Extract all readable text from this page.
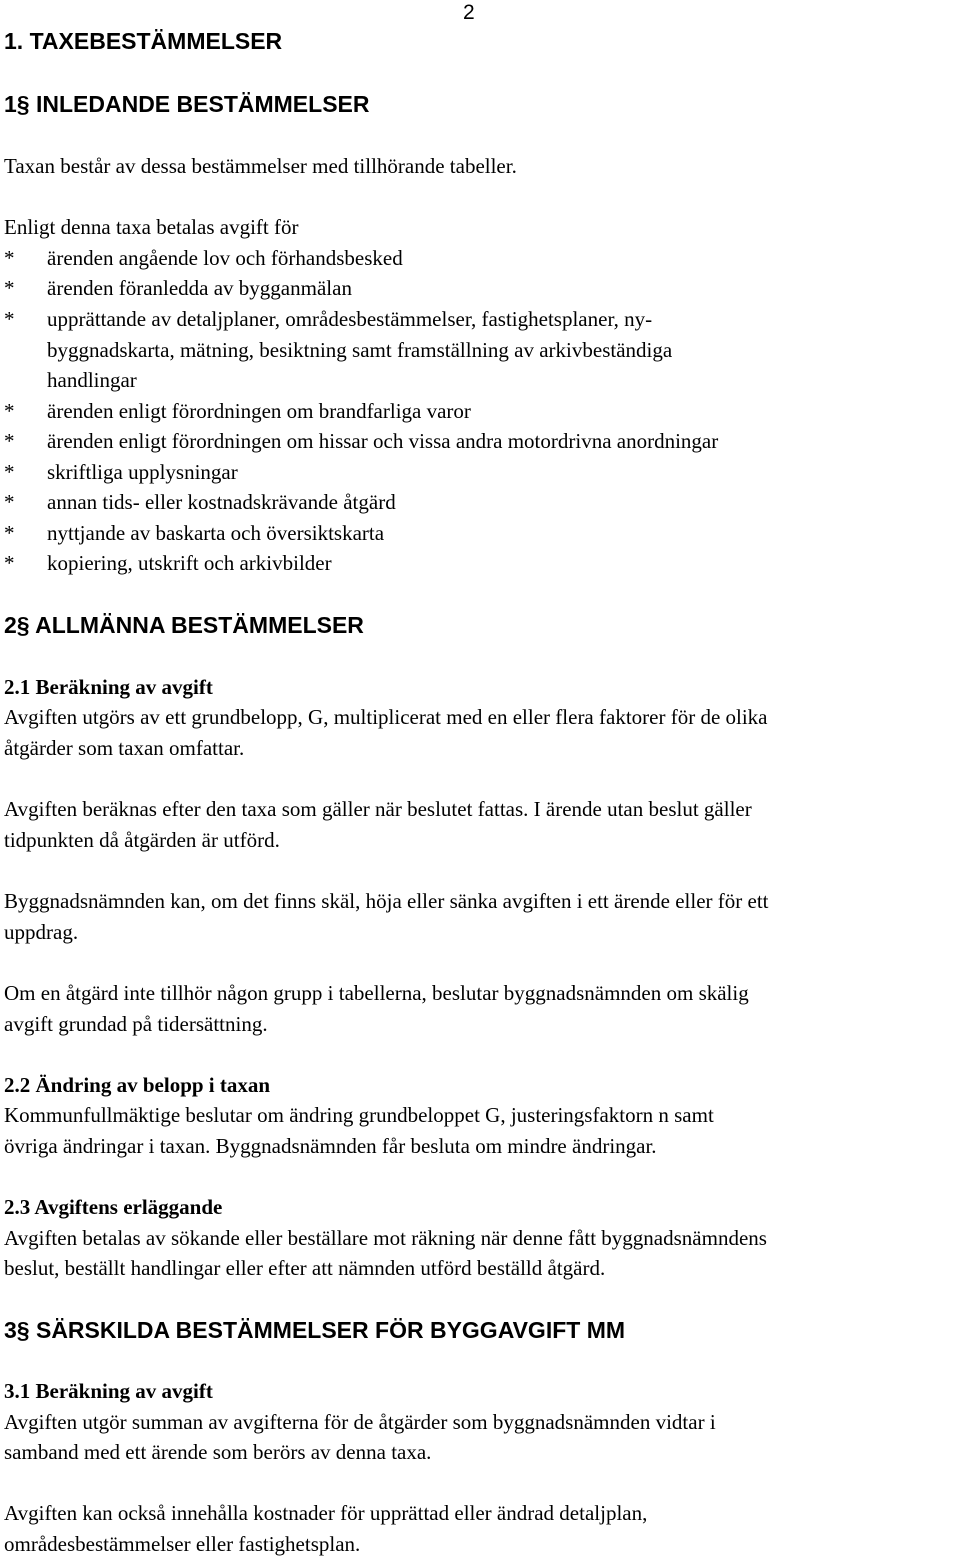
2
1. TAXEBESTÄMMELSER
1§ INLEDANDE BESTÄMMELSER
Taxan består av dessa bestämmelser med tillhörande tabeller.
Enligt denna taxa betalas avgift för
* ärenden angående lov och förhandsbesked
* ärenden föranledda av bygganmälan
* upprättande av detaljplaner, områdesbestämmelser, fastighetsplaner, ny-
byggnadskarta, mätning, besiktning samt framställning av arkivbeständiga
handlingar
* ärenden enligt förordningen om brandfarliga varor
* ärenden enligt förordningen om hissar och vissa andra motordrivna anordningar
* skriftliga upplysningar
* annan tids- eller kostnadskrävande åtgärd
* nyttjande av baskarta och översiktskarta
* kopiering, utskrift och arkivbilder
2§ ALLMÄNNA BESTÄMMELSER
2.1 Beräkning av avgift
Avgiften utgörs av ett grundbelopp, G, multiplicerat med en eller flera faktorer för de olika
åtgärder som taxan omfattar.
Avgiften beräknas efter den taxa som gäller när beslutet fattas. I ärende utan beslut gäller
tidpunkten då åtgärden är utförd.
Byggnadsnämnden kan, om det finns skäl, höja eller sänka avgiften i ett ärende eller för ett
uppdrag.
Om en åtgärd inte tillhör någon grupp i tabellerna, beslutar byggnadsnämnden om skälig
avgift grundad på tidersättning.
2.2 Ändring av belopp i taxan
Kommunfullmäktige beslutar om ändring grundbeloppet G, justeringsfaktorn n samt
övriga ändringar i taxan. Byggnadsnämnden får besluta om mindre ändringar.
2.3 Avgiftens erläggande
Avgiften betalas av sökande eller beställare mot räkning när denne fått byggnadsnämndens
beslut, beställt handlingar eller efter att nämnden utförd beställd åtgärd.
3§ SÄRSKILDA BESTÄMMELSER FÖR BYGGAVGIFT MM
3.1 Beräkning av avgift
Avgiften utgör summan av avgifterna för de åtgärder som byggnadsnämnden vidtar i
samband med ett ärende som berörs av denna taxa.
Avgiften kan också innehålla kostnader för upprättad eller ändrad detaljplan,
områdesbestämmelser eller fastighetsplan.
